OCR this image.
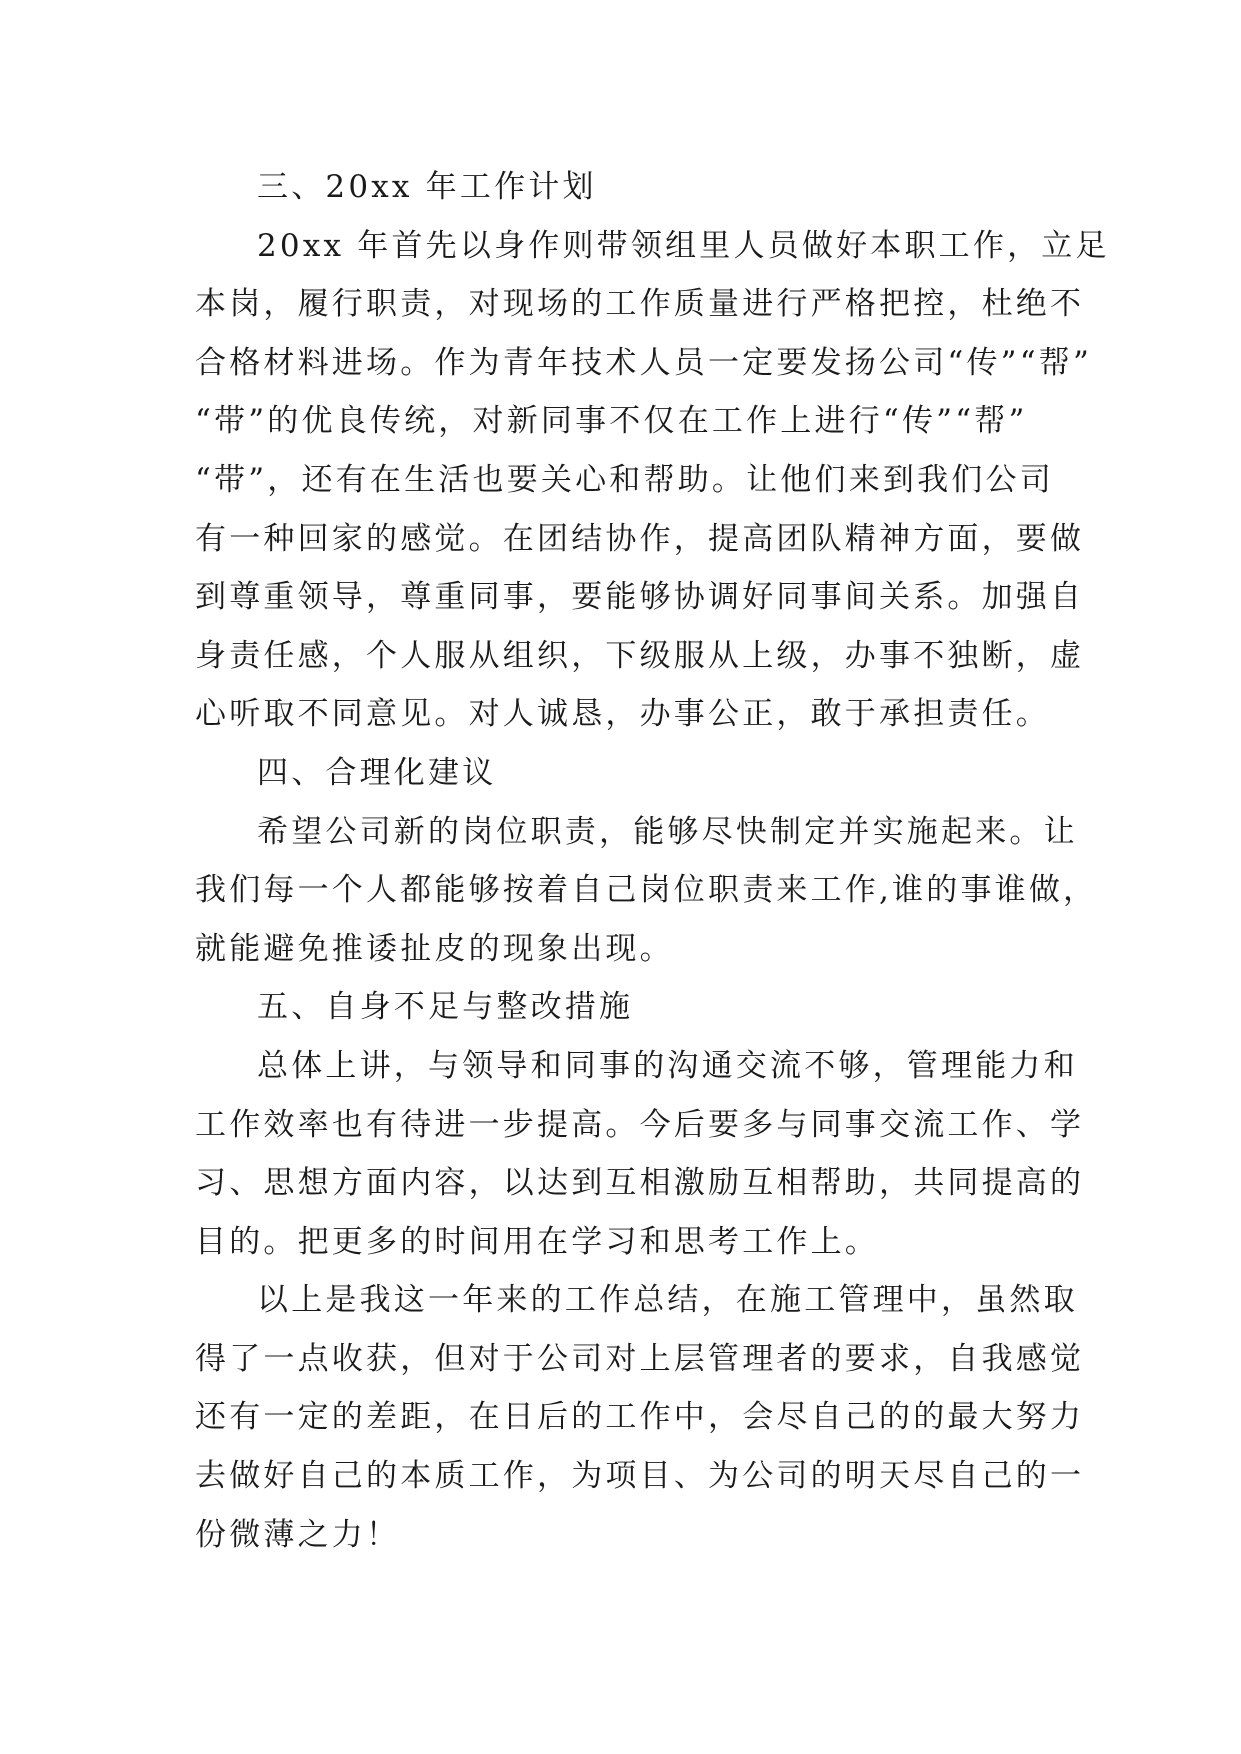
三、20xx 年工作计划
20xx 年首先以身作则带领组里人员做好本职工作，立足
本岗，履行职责，对现场的工作质量进行严格把控，杜绝不
合格材料进场。作为青年技术人员一定要发扬公司“传”“帮”
“带”的优良传统，对新同事不仅在工作上进行“传”“帮”
“带”，还有在生活也要关心和帮助。让他们来到我们公司
有一种回家的感觉。在团结协作，提高团队精神方面，要做
到尊重领导，尊重同事，要能够协调好同事间关系。加强自
身责任感，个人服从组织，下级服从上级，办事不独断，虚
心听取不同意见。对人诚恳，办事公正，敢于承担责任。
四、合理化建议
希望公司新的岗位职责，能够尽快制定并实施起来。让
我们每一个人都能够按着自己岗位职责来工作,谁的事谁做，
就能避免推诿扯皮的现象出现。
五、自身不足与整改措施
总体上讲，与领导和同事的沟通交流不够，管理能力和
工作效率也有待进一步提高。今后要多与同事交流工作、学
习、思想方面内容，以达到互相激励互相帮助，共同提高的
目的。把更多的时间用在学习和思考工作上。
以上是我这一年来的工作总结，在施工管理中，虽然取
得了一点收获，但对于公司对上层管理者的要求，自我感觉
还有一定的差距，在日后的工作中，会尽自己的的最大努力
去做好自己的本质工作，为项目、为公司的明天尽自己的一
份微薄之力！
